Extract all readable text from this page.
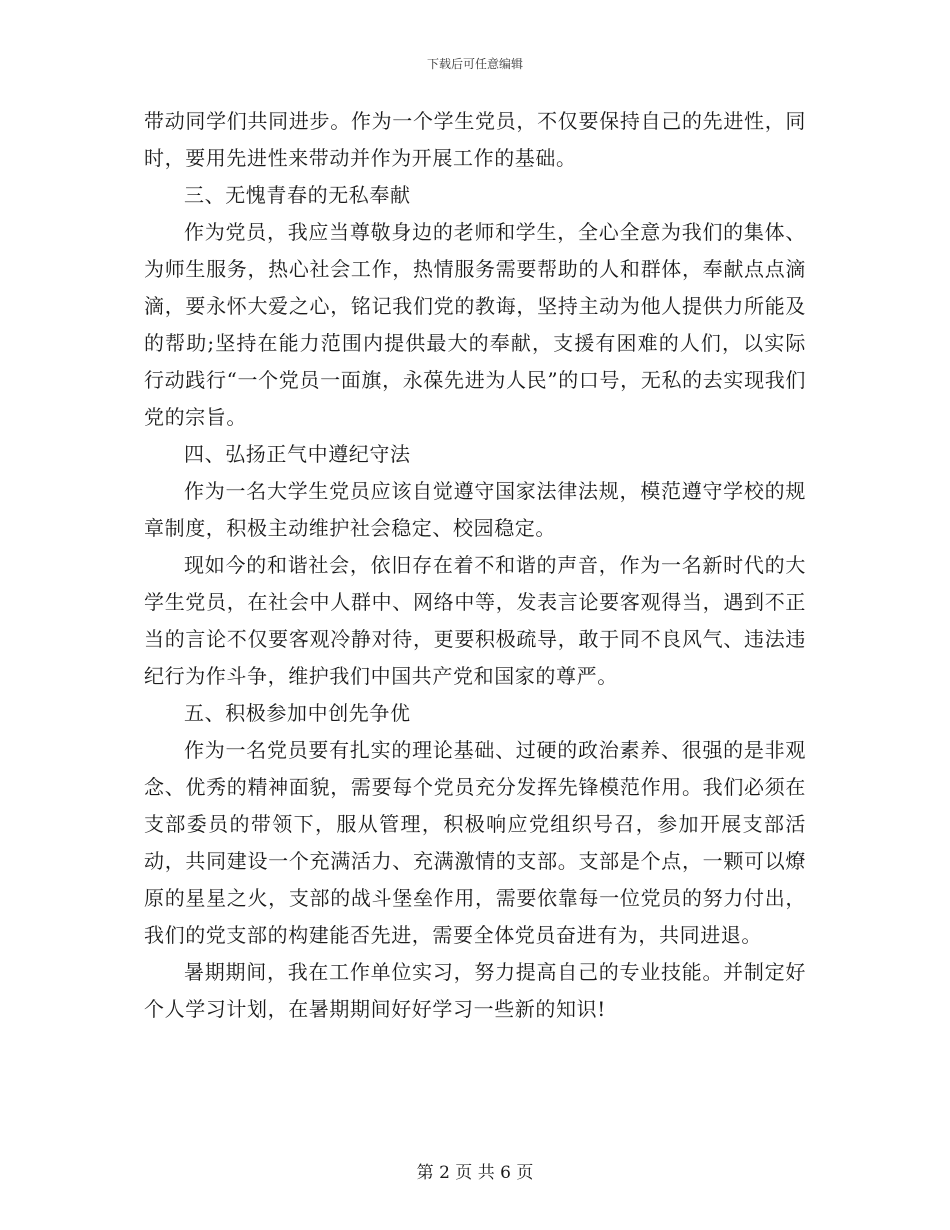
下载后可任意编辑

带动同学们共同进步。作为一个学生党员，不仅要保持自己的先进性，同时，要用先进性来带动并作为开展工作的基础。

三、无愧青春的无私奉献

作为党员，我应当尊敬身边的老师和学生，全心全意为我们的集体、为师生服务，热心社会工作，热情服务需要帮助的人和群体，奉献点点滴滴，要永怀大爱之心，铭记我们党的教诲，坚持主动为他人提供力所能及的帮助;坚持在能力范围内提供最大的奉献，支援有困难的人们，以实际行动践行“一个党员一面旗，永葆先进为人民”的口号，无私的去实现我们党的宗旨。

四、弘扬正气中遵纪守法

作为一名大学生党员应该自觉遵守国家法律法规，模范遵守学校的规章制度，积极主动维护社会稳定、校园稳定。

现如今的和谐社会，依旧存在着不和谐的声音，作为一名新时代的大学生党员，在社会中人群中、网络中等，发表言论要客观得当，遇到不正当的言论不仅要客观冷静对待，更要积极疏导，敢于同不良风气、违法违纪行为作斗争，维护我们中国共产党和国家的尊严。

五、积极参加中创先争优

作为一名党员要有扎实的理论基础、过硬的政治素养、很强的是非观念、优秀的精神面貌，需要每个党员充分发挥先锋模范作用。我们必须在支部委员的带领下，服从管理，积极响应党组织号召，参加开展支部活动，共同建设一个充满活力、充满激情的支部。支部是个点，一颗可以燎原的星星之火，支部的战斗堡垒作用，需要依靠每一位党员的努力付出，我们的党支部的构建能否先进，需要全体党员奋进有为，共同进退。

暑期期间，我在工作单位实习，努力提高自己的专业技能。并制定好个人学习计划，在暑期期间好好学习一些新的知识!

第 2 页 共 6 页
